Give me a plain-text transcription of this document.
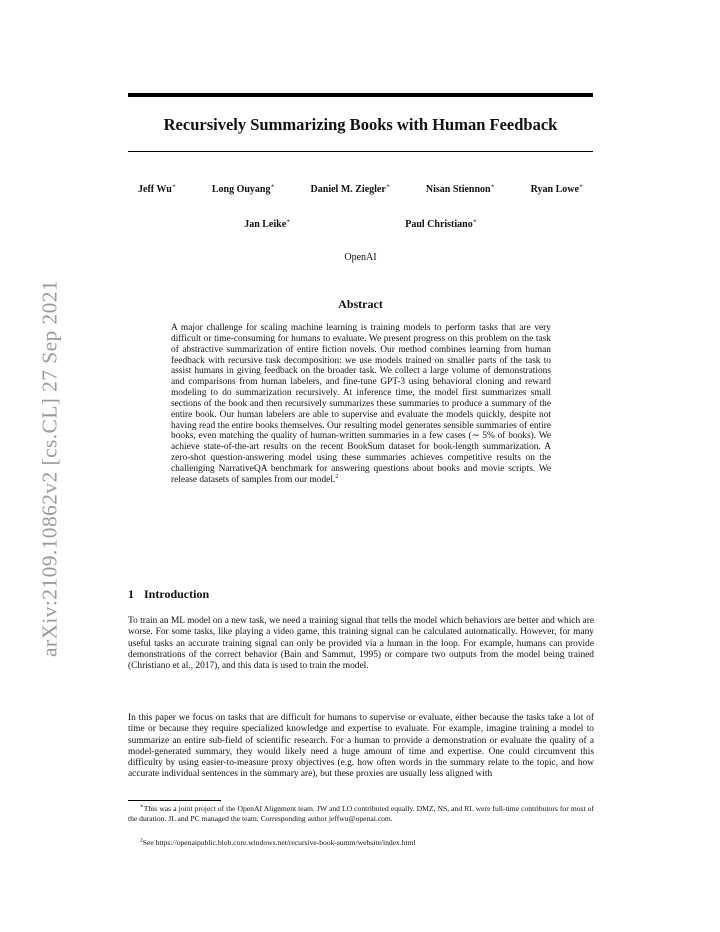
arXiv:2109.10862v2 [cs.CL] 27 Sep 2021
Recursively Summarizing Books with Human Feedback
Jeff Wu∗	Long Ouyang∗	Daniel M. Ziegler∗	Nisan Stiennon∗	Ryan Lowe∗
Jan Leike∗	Paul Christiano∗
OpenAI
Abstract

A major challenge for scaling machine learning is training models to perform tasks that are very difficult or time-consuming for humans to evaluate. We present progress on this problem on the task of abstractive summarization of entire fiction novels. Our method combines learning from human feedback with recursive task decomposition: we use models trained on smaller parts of the task to assist humans in giving feedback on the broader task. We collect a large volume of demonstrations and comparisons from human labelers, and fine-tune GPT-3 using behavioral cloning and reward modeling to do summarization recursively. At inference time, the model first summarizes small sections of the book and then recursively summarizes these summaries to produce a summary of the entire book. Our human labelers are able to supervise and evaluate the models quickly, despite not having read the entire books themselves. Our resulting model generates sensible summaries of entire books, even matching the quality of human-written summaries in a few cases (∼ 5% of books). We achieve state-of-the-art results on the recent BookSum dataset for book-length summarization. A zero-shot question-answering model using these summaries achieves competitive results on the challenging NarrativeQA benchmark for answering questions about books and movie scripts. We release datasets of samples from our model.$^2$

1 Introduction

To train an ML model on a new task, we need a training signal that tells the model which behaviors are better and which are worse. For some tasks, like playing a video game, this training signal can be calculated automatically. However, for many useful tasks an accurate training signal can only be provided via a human in the loop. For example, humans can provide demonstrations of the correct behavior (Bain and Sammut, 1995) or compare two outputs from the model being trained (Christiano et al., 2017), and this data is used to train the model.

In this paper we focus on tasks that are difficult for humans to supervise or evaluate, either because the tasks take a lot of time or because they require specialized knowledge and expertise to evaluate. For example, imagine training a model to summarize an entire sub-field of scientific research. For a human to provide a demonstration or evaluate the quality of a model-generated summary, they would likely need a huge amount of time and expertise. One could circumvent this difficulty by using easier-to-measure proxy objectives (e.g. how often words in the summary relate to the topic, and how accurate individual sentences in the summary are), but these proxies are usually less aligned with

∗This was a joint project of the OpenAI Alignment team. JW and LO contributed equally. DMZ, NS, and RL were full-time contributors for most of the duration. JL and PC managed the team. Corresponding author jeffwu@openai.com.

$^2$See https://openaipublic.blob.core.windows.net/recursive-book-summ/website/index.html
